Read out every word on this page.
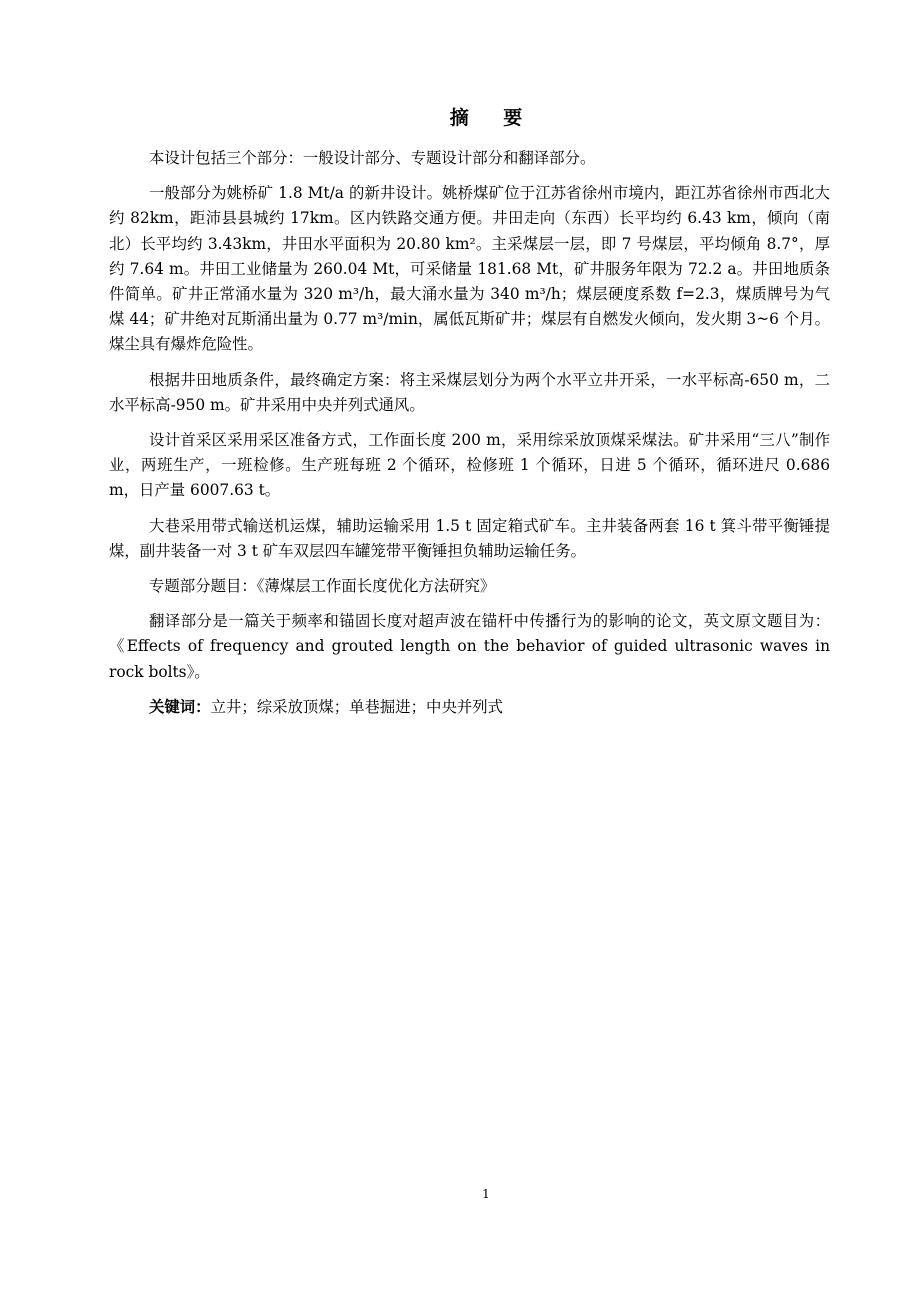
摘 要

本设计包括三个部分：一般设计部分、专题设计部分和翻译部分。

一般部分为姚桥矿 1.8 Mt/a 的新井设计。姚桥煤矿位于江苏省徐州市境内，距江苏省徐州市西北大约 82km，距沛县县城约 17km。区内铁路交通方便。井田走向（东西）长平均约 6.43 km，倾向（南北）长平均约 3.43km，井田水平面积为 20.80 km²。主采煤层一层，即 7 号煤层，平均倾角 8.7°，厚约 7.64 m。井田工业储量为 260.04 Mt，可采储量 181.68 Mt，矿井服务年限为 72.2 a。井田地质条件简单。矿井正常涌水量为 320 m³/h，最大涌水量为 340 m³/h；煤层硬度系数 f=2.3，煤质牌号为气煤 44；矿井绝对瓦斯涌出量为 0.77 m³/min，属低瓦斯矿井；煤层有自燃发火倾向，发火期 3~6 个月。煤尘具有爆炸危险性。

根据井田地质条件，最终确定方案：将主采煤层划分为两个水平立井开采，一水平标高-650 m，二水平标高-950 m。矿井采用中央并列式通风。

设计首采区采用采区准备方式，工作面长度 200 m，采用综采放顶煤采煤法。矿井采用“三八”制作业，两班生产，一班检修。生产班每班 2 个循环，检修班 1 个循环，日进 5 个循环，循环进尺 0.686 m，日产量 6007.63 t。

大巷采用带式输送机运煤，辅助运输采用 1.5 t 固定箱式矿车。主井装备两套 16 t 箕斗带平衡锤提煤，副井装备一对 3 t 矿车双层四车罐笼带平衡锤担负辅助运输任务。

专题部分题目：《薄煤层工作面长度优化方法研究》

翻译部分是一篇关于频率和锚固长度对超声波在锚杆中传播行为的影响的论文，英文原文题目为：《Effects of frequency and grouted length on the behavior of guided ultrasonic waves in rock bolts》。

关键词：立井；综采放顶煤；单巷掘进；中央并列式

1
